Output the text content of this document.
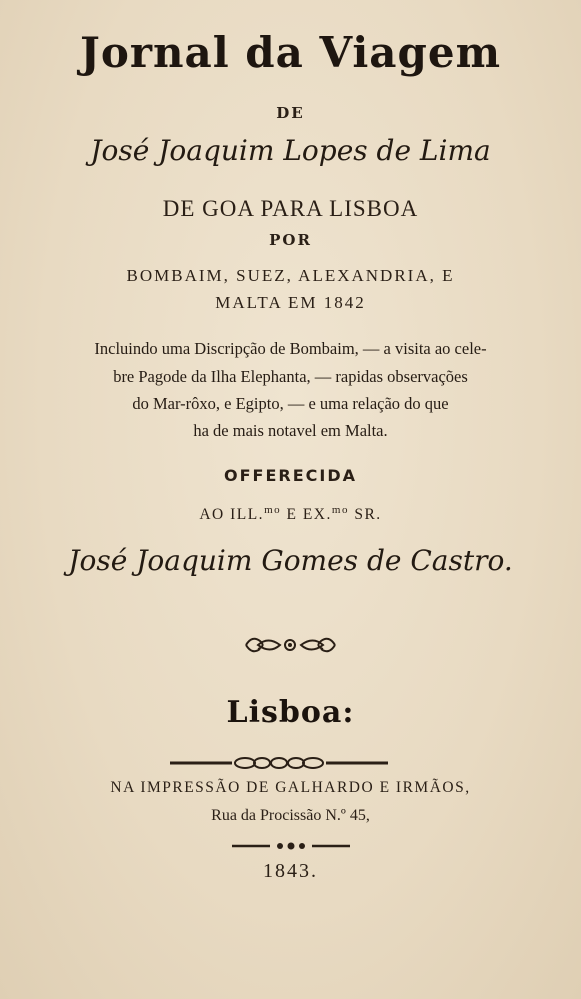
Jornal da Viagem
DE
José Joaquim Lopes de Lima
DE GOA PARA LISBOA
POR
BOMBAIM, SUEZ, ALEXANDRIA, E
MALTA EM 1842
Incluindo uma Discripção de Bombaim, — a visita ao cele-
bre Pagode da Ilha Elephanta, — rapidas observações
do Mar-rôxo, e Egipto, — e uma relação do que
ha de mais notavel em Malta.
OFFERECIDA
AO ILL.$^{mo}$ E EX.$^{mo}$ SR.
José Joaquim Gomes de Castro.
Lisboa:
NA IMPRESSÃO DE GALHARDO E IRMÃOS,
Rua da Procissão N.º 45,
1843.
